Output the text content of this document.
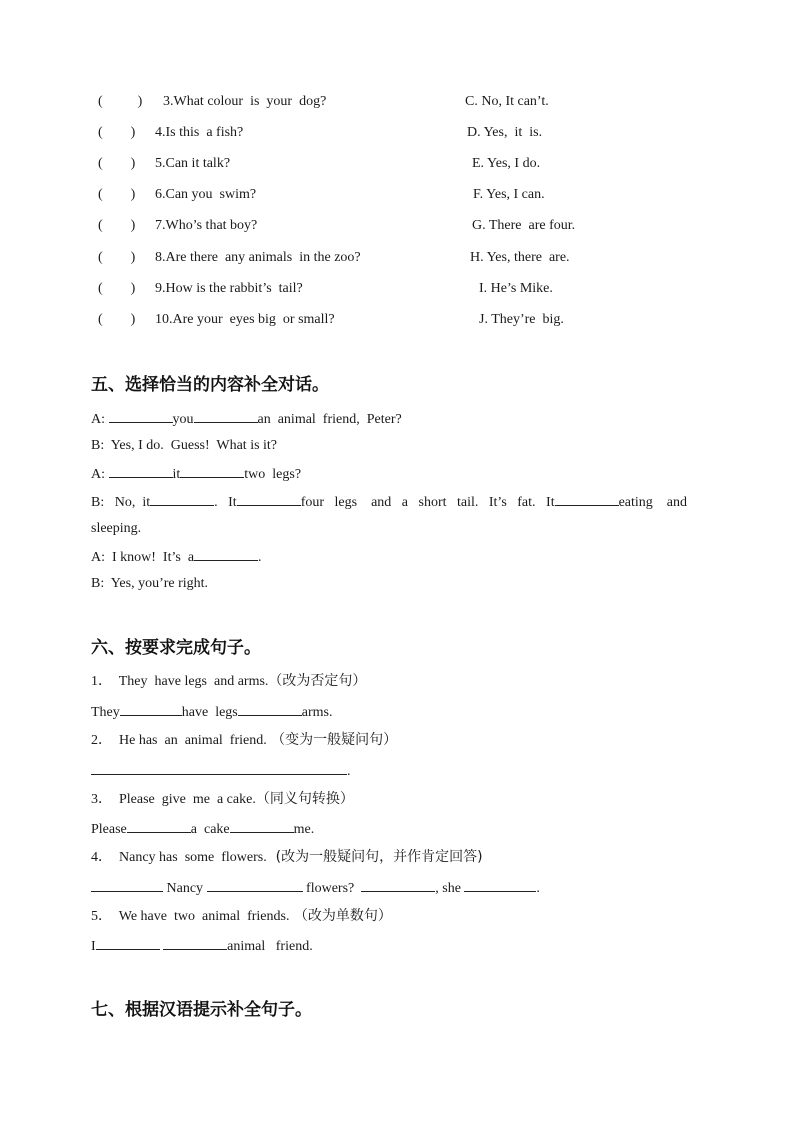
(          ) 3.What colour  is  your  dog?	C. No, It can’t.
(        ) 4.Is this  a fish?	D. Yes,  it  is.
(        ) 5.Can it talk?	E. Yes, I do.
(        ) 6.Can you  swim?	F. Yes, I can.
(        ) 7.Who’s that boy?	G. There  are four.
(        ) 8.Are there  any animals  in the zoo?	H. Yes, there  are.
(        ) 9.How is the rabbit’s  tail?	I. He’s Mike.
(        ) 10.Are your  eyes big  or small?	J. They’re  big.
五、选择恰当的内容补全对话。
A:	you	an  animal  friend,  Peter?
B:  Yes, I do.  Guess!  What is it?
A:	it	two  legs?
B:   No,  it	.   It	four   legs    and   a   short   tail.   It’s   fat.   It	eating    and
sleeping.
A:  I know!  It’s  a	.
B:  Yes, you’re right.
六、按要求完成句子。
1．  They  have legs  and arms.（改为否定句）
They	have  legs	arms.
2．  He has  an  animal  friend. （变为一般疑问句）
.
3．  Please  give  me  a cake.（同义句转换）
Please	a  cake	me.
4．  Nancy has  some  flowers.  (改为一般疑问句，并作肯定回答)
Nancy	flowers?	, she	.
5．  We have  two  animal  friends. （改为单数句）
I	animal   friend.
七、根据汉语提示补全句子。
